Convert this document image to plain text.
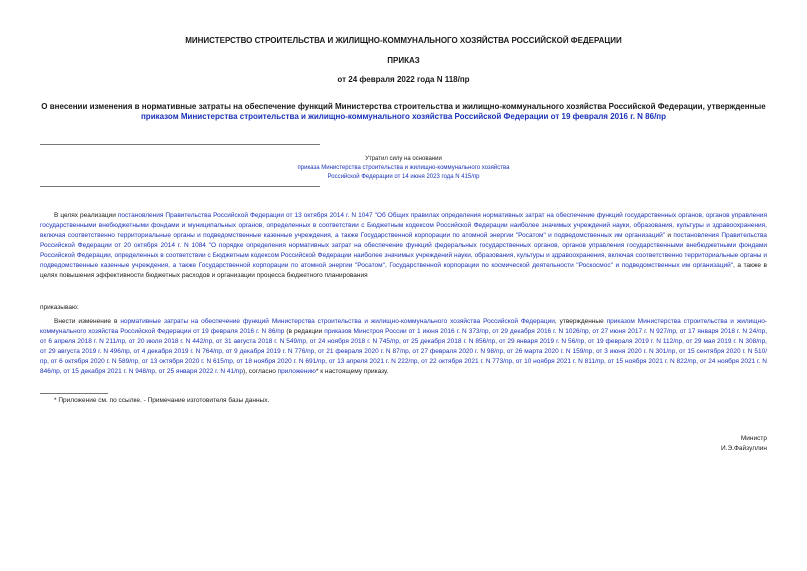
МИНИСТЕРСТВО СТРОИТЕЛЬСТВА И ЖИЛИЩНО-КОММУНАЛЬНОГО ХОЗЯЙСТВА РОССИЙСКОЙ ФЕДЕРАЦИИ
ПРИКАЗ
от 24 февраля 2022 года N 118/пр
О внесении изменения в нормативные затраты на обеспечение функций Министерства строительства и жилищно-коммунального хозяйства Российской Федерации, утвержденные приказом Министерства строительства и жилищно-коммунального хозяйства Российской Федерации от 19 февраля 2016 г. N 86/пр
Утратил силу на основании
приказа Министерства строительства и жилищно-коммунального хозяйства
Российской Федерации от 14 июня 2023 года N 415/пр

В целях реализации постановления Правительства Российской Федерации от 13 октября 2014 г. N 1047 "Об Общих правилах определения нормативных затрат на обеспечение функций государственных органов, органов управления государственными внебюджетными фондами и муниципальных органов, определенных в соответствии с Бюджетным кодексом Российской Федерации наиболее значимых учреждений науки, образования, культуры и здравоохранения, включая соответственно территориальные органы и подведомственные казенные учреждения, а также Государственной корпорации по атомной энергии "Росатом" и подведомственных им организаций" и постановления Правительства Российской Федерации от 20 октября 2014 г. N 1084 "О порядке определения нормативных затрат на обеспечение функций федеральных государственных органов, органов управления государственными внебюджетными фондами Российской Федерации, определенных в соответствии с Бюджетным кодексом Российской Федерации наиболее значимых учреждений науки, образования, культуры и здравоохранения, включая соответственно территориальные органы и подведомственные казенные учреждения, а также Государственной корпорации по атомной энергии "Росатом", Государственной корпорации по космической деятельности "Роскосмос" и подведомственных им организаций", а также в целях повышения эффективности бюджетных расходов и организации процесса бюджетного планирования

приказываю:

Внести изменение в нормативные затраты на обеспечение функций Министерства строительства и жилищно-коммунального хозяйства Российской Федерации, утвержденные приказом Министерства строительства и жилищно-коммунального хозяйства Российской Федерации от 19 февраля 2016 г. N 86/пр (в редакции приказов Минстроя России от 1 июня 2016 г. N 373/пр, от 29 декабря 2016 г. N 1026/пр, от 27 июня 2017 г. N 927/пр, от 17 января 2018 г. N 24/пр, от 6 апреля 2018 г. N 211/пр, от 20 июля 2018 г. N 442/пр, от 31 августа 2018 г. N 549/пр, от 24 ноября 2018 г. N 745/пр, от 25 декабря 2018 г. N 856/пр, от 29 января 2019 г. N 56/пр, от 19 февраля 2019 г. N 112/пр, от 29 мая 2019 г. N 308/пр, от 29 августа 2019 г. N 496/пр, от 4 декабря 2019 г. N 764/пр, от 9 декабря 2019 г. N 776/пр, от 21 февраля 2020 г. N 87/пр, от 27 февраля 2020 г. N 98/пр, от 26 марта 2020 г. N 159/пр, от 3 июня 2020 г. N 301/пр, от 15 сентября 2020 г. N 510/пр, от 6 октября 2020 г. N 589/пр, от 13 октября 2020 г. N 615/пр, от 18 ноября 2020 г. N 691/пр, от 13 апреля 2021 г. N 222/пр, от 22 октября 2021 г. N 773/пр, от 10 ноября 2021 г. N 811/пр, от 15 ноября 2021 г. N 822/пр, от 24 ноября 2021 г. N 846/пр, от 15 декабря 2021 г. N 948/пр, от 25 января 2022 г. N 41/пр), согласно приложению* к настоящему приказу.

* Приложение см. по ссылке. - Примечание изготовителя базы данных.

Министр
И.Э.Файзуллин
